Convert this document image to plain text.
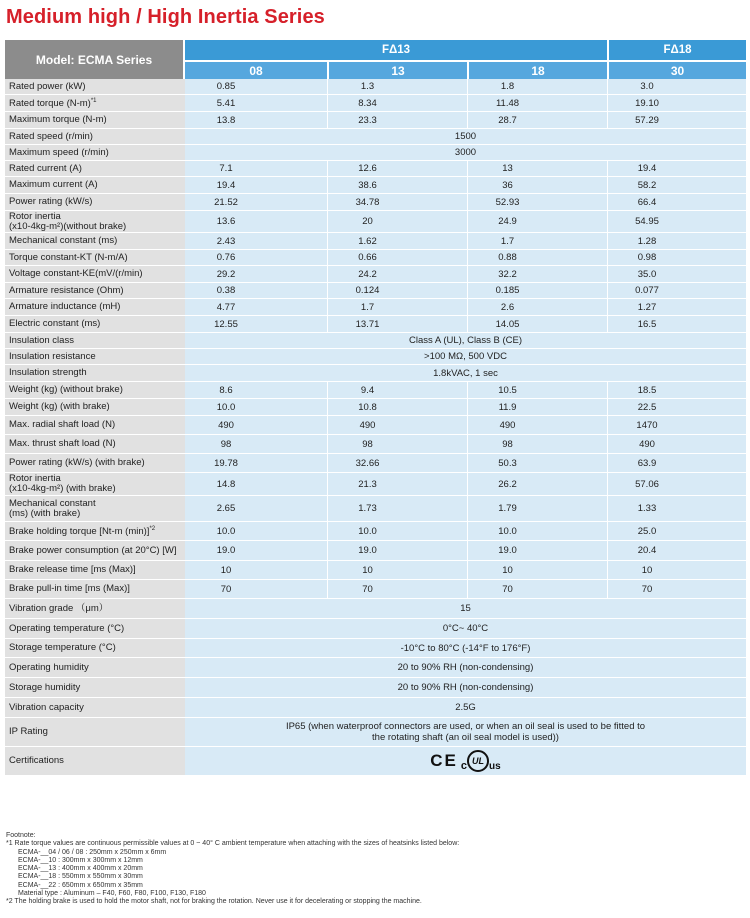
Medium high / High Inertia Series
Model: ECMA Series	FΔ13			FΔ18
	08	13	18	30
Rated power (kW)	0.85	1.3	1.8	3.0
Rated torque $(N-m)^{*1}$	5.41	8.34	11.48	19.10
Maximum torque (N-m)	13.8	23.3	28.7	57.29
Rated speed (r/min)	1500			
Maximum speed (r/min)	3000			
Rated current (A)	7.1	12.6	13	19.4
Maximum current (A)	19.4	38.6	36	58.2
Power rating (kW/s)	21.52	34.78	52.93	66.4
Rotor inertia
(x10-4kg-m²)(without brake)	13.6	20	24.9	54.95
Mechanical constant (ms)	2.43	1.62	1.7	1.28
Torque constant-KT (N-m/A)	0.76	0.66	0.88	0.98
Voltage constant-KE(mV/(r/min)	29.2	24.2	32.2	35.0
Armature resistance (Ohm)	0.38	0.124	0.185	0.077
Armature inductance (mH)	4.77	1.7	2.6	1.27
Electric constant (ms)	12.55	13.71	14.05	16.5
Insulation class	Class A (UL), Class B (CE)			
Insulation resistance	>100 MΩ, 500 VDC			
Insulation strength	1.8kVAC, 1 sec			
Weight (kg) (without brake)	8.6	9.4	10.5	18.5
Weight (kg) (with brake)	10.0	10.8	11.9	22.5
Max. radial shaft load (N)	490	490	490	1470
Max. thrust shaft load (N)	98	98	98	490
Power rating (kW/s) (with brake)	19.78	32.66	50.3	63.9
Rotor inertia
(x10-4kg-m²) (with brake)	14.8	21.3	26.2	57.06
Mechanical constant
(ms) (with brake)	2.65	1.73	1.79	1.33
Brake holding torque [Nt-m (min)]$^{*2}$	10.0	10.0	10.0	25.0
Brake power consumption (at 20°C) [W]	19.0	19.0	19.0	20.4
Brake release time [ms (Max)]	10	10	10	10
Brake pull-in time [ms (Max)]	70	70	70	70
Vibration grade （μm）	15			
Operating temperature (°C)	0°C~ 40°C			
Storage temperature (°C)	-10°C to 80°C (-14°F to 176°F)			
Operating humidity	20 to 90% RH (non-condensing)			
Storage humidity	20 to 90% RH (non-condensing)			
Vibration capacity	2.5G			
IP Rating	IP65 (when waterproof connectors are used, or when an oil seal is used to be fitted to
the rotating shaft (an oil seal model is used))			
Certifications	CE c UL us			
Footnote:
*1 Rate torque values are continuous permissible values at 0 ~ 40° C ambient temperature when attaching with the sizes of heatsinks listed below:
ECMA-__04 / 06 / 08 : 250mm x 250mm x 6mm
ECMA-__10 : 300mm x 300mm x 12mm
ECMA-__13 : 400mm x 400mm x 20mm
ECMA-__18 : 550mm x 550mm x 30mm
ECMA-__22 : 650mm x 650mm x 35mm
Material type : Aluminum – F40, F60, F80, F100, F130, F180
*2 The holding brake is used to hold the motor shaft, not for braking the rotation. Never use it for decelerating or stopping the machine.
